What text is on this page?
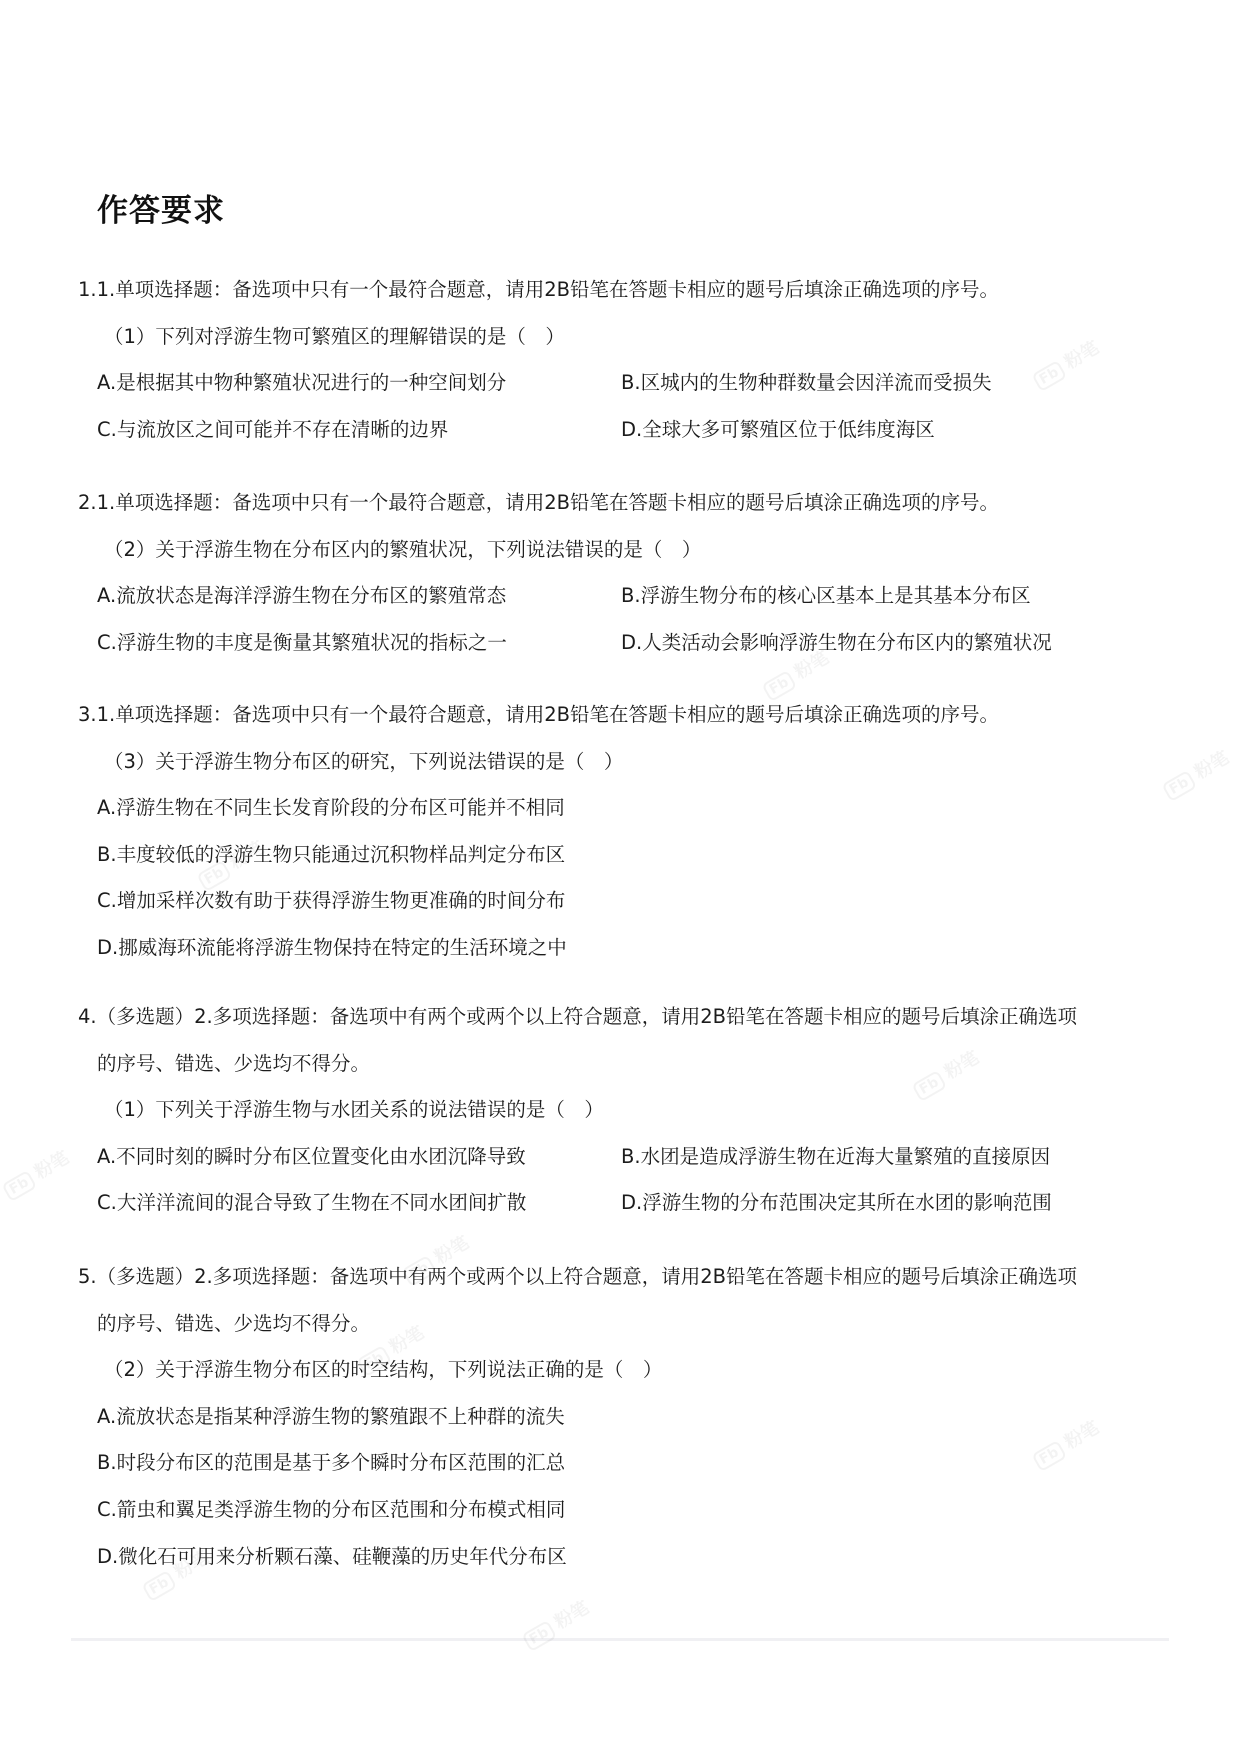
作答要求
1.1.单项选择题：备选项中只有一个最符合题意，请用2B铅笔在答题卡相应的题号后填涂正确选项的序号。
（1）下列对浮游生物可繁殖区的理解错误的是（　）
A.是根据其中物种繁殖状况进行的一种空间划分	B.区城内的生物种群数量会因洋流而受损失
C.与流放区之间可能并不存在清晰的边界	D.全球大多可繁殖区位于低纬度海区
2.1.单项选择题：备选项中只有一个最符合题意，请用2B铅笔在答题卡相应的题号后填涂正确选项的序号。
（2）关于浮游生物在分布区内的繁殖状况，下列说法错误的是（　）
A.流放状态是海洋浮游生物在分布区的繁殖常态	B.浮游生物分布的核心区基本上是其基本分布区
C.浮游生物的丰度是衡量其繁殖状况的指标之一	D.人类活动会影响浮游生物在分布区内的繁殖状况
3.1.单项选择题：备选项中只有一个最符合题意，请用2B铅笔在答题卡相应的题号后填涂正确选项的序号。
（3）关于浮游生物分布区的研究，下列说法错误的是（　）
A.浮游生物在不同生长发育阶段的分布区可能并不相同
B.丰度较低的浮游生物只能通过沉积物样品判定分布区
C.增加采样次数有助于获得浮游生物更准确的时间分布
D.挪威海环流能将浮游生物保持在特定的生活环境之中
4.（多选题）2.多项选择题：备选项中有两个或两个以上符合题意，请用2B铅笔在答题卡相应的题号后填涂正确选项
的序号、错选、少选均不得分。
（1）下列关于浮游生物与水团关系的说法错误的是（　）
A.不同时刻的瞬时分布区位置变化由水团沉降导致	B.水团是造成浮游生物在近海大量繁殖的直接原因
C.大洋洋流间的混合导致了生物在不同水团间扩散	D.浮游生物的分布范围决定其所在水团的影响范围
5.（多选题）2.多项选择题：备选项中有两个或两个以上符合题意，请用2B铅笔在答题卡相应的题号后填涂正确选项
的序号、错选、少选均不得分。
（2）关于浮游生物分布区的时空结构，下列说法正确的是（　）
A.流放状态是指某种浮游生物的繁殖跟不上种群的流失
B.时段分布区的范围是基于多个瞬时分布区范围的汇总
C.箭虫和翼足类浮游生物的分布区范围和分布模式相同
D.微化石可用来分析颗石藻、硅鞭藻的历史年代分布区
